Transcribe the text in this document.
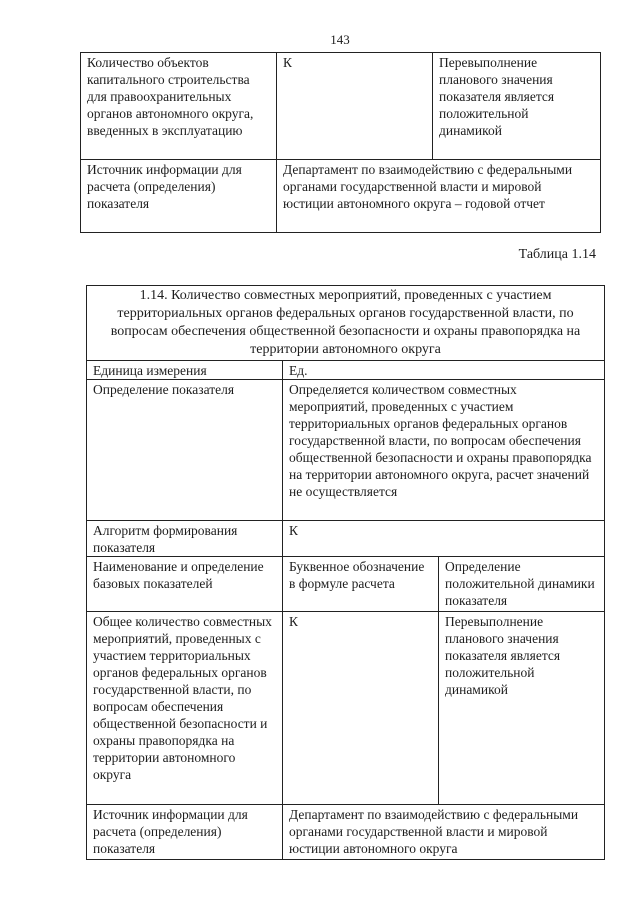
143
Количество объектов капитального строительства для правоохранительных органов автономного округа, введенных в эксплуатацию	К	Перевыполнение планового значения показателя является положительной динамикой
Источник информации для расчета (определения) показателя	Департамент по взаимодействию с федеральными органами государственной власти и мировой юстиции автономного округа – годовой отчет	
Таблица 1.14
1.14. Количество совместных мероприятий, проведенных с участием территориальных органов федеральных органов государственной власти, по вопросам обеспечения общественной безопасности и охраны правопорядка на территории автономного округа		
Единица измерения	Ед.	
Определение показателя	Определяется количеством совместных мероприятий, проведенных с участием территориальных органов федеральных органов государственной власти, по вопросам обеспечения общественной безопасности и охраны правопорядка на территории автономного округа, расчет значений не осуществляется	
Алгоритм формирования показателя	К	
Наименование и определение базовых показателей	Буквенное обозначение в формуле расчета	Определение положительной динамики показателя
Общее количество совместных мероприятий, проведенных с участием территориальных органов федеральных органов государственной власти, по вопросам обеспечения общественной безопасности и охраны правопорядка на территории автономного округа	К	Перевыполнение планового значения показателя является положительной динамикой
Источник информации для расчета (определения) показателя	Департамент по взаимодействию с федеральными органами государственной власти и мировой юстиции автономного округа	
